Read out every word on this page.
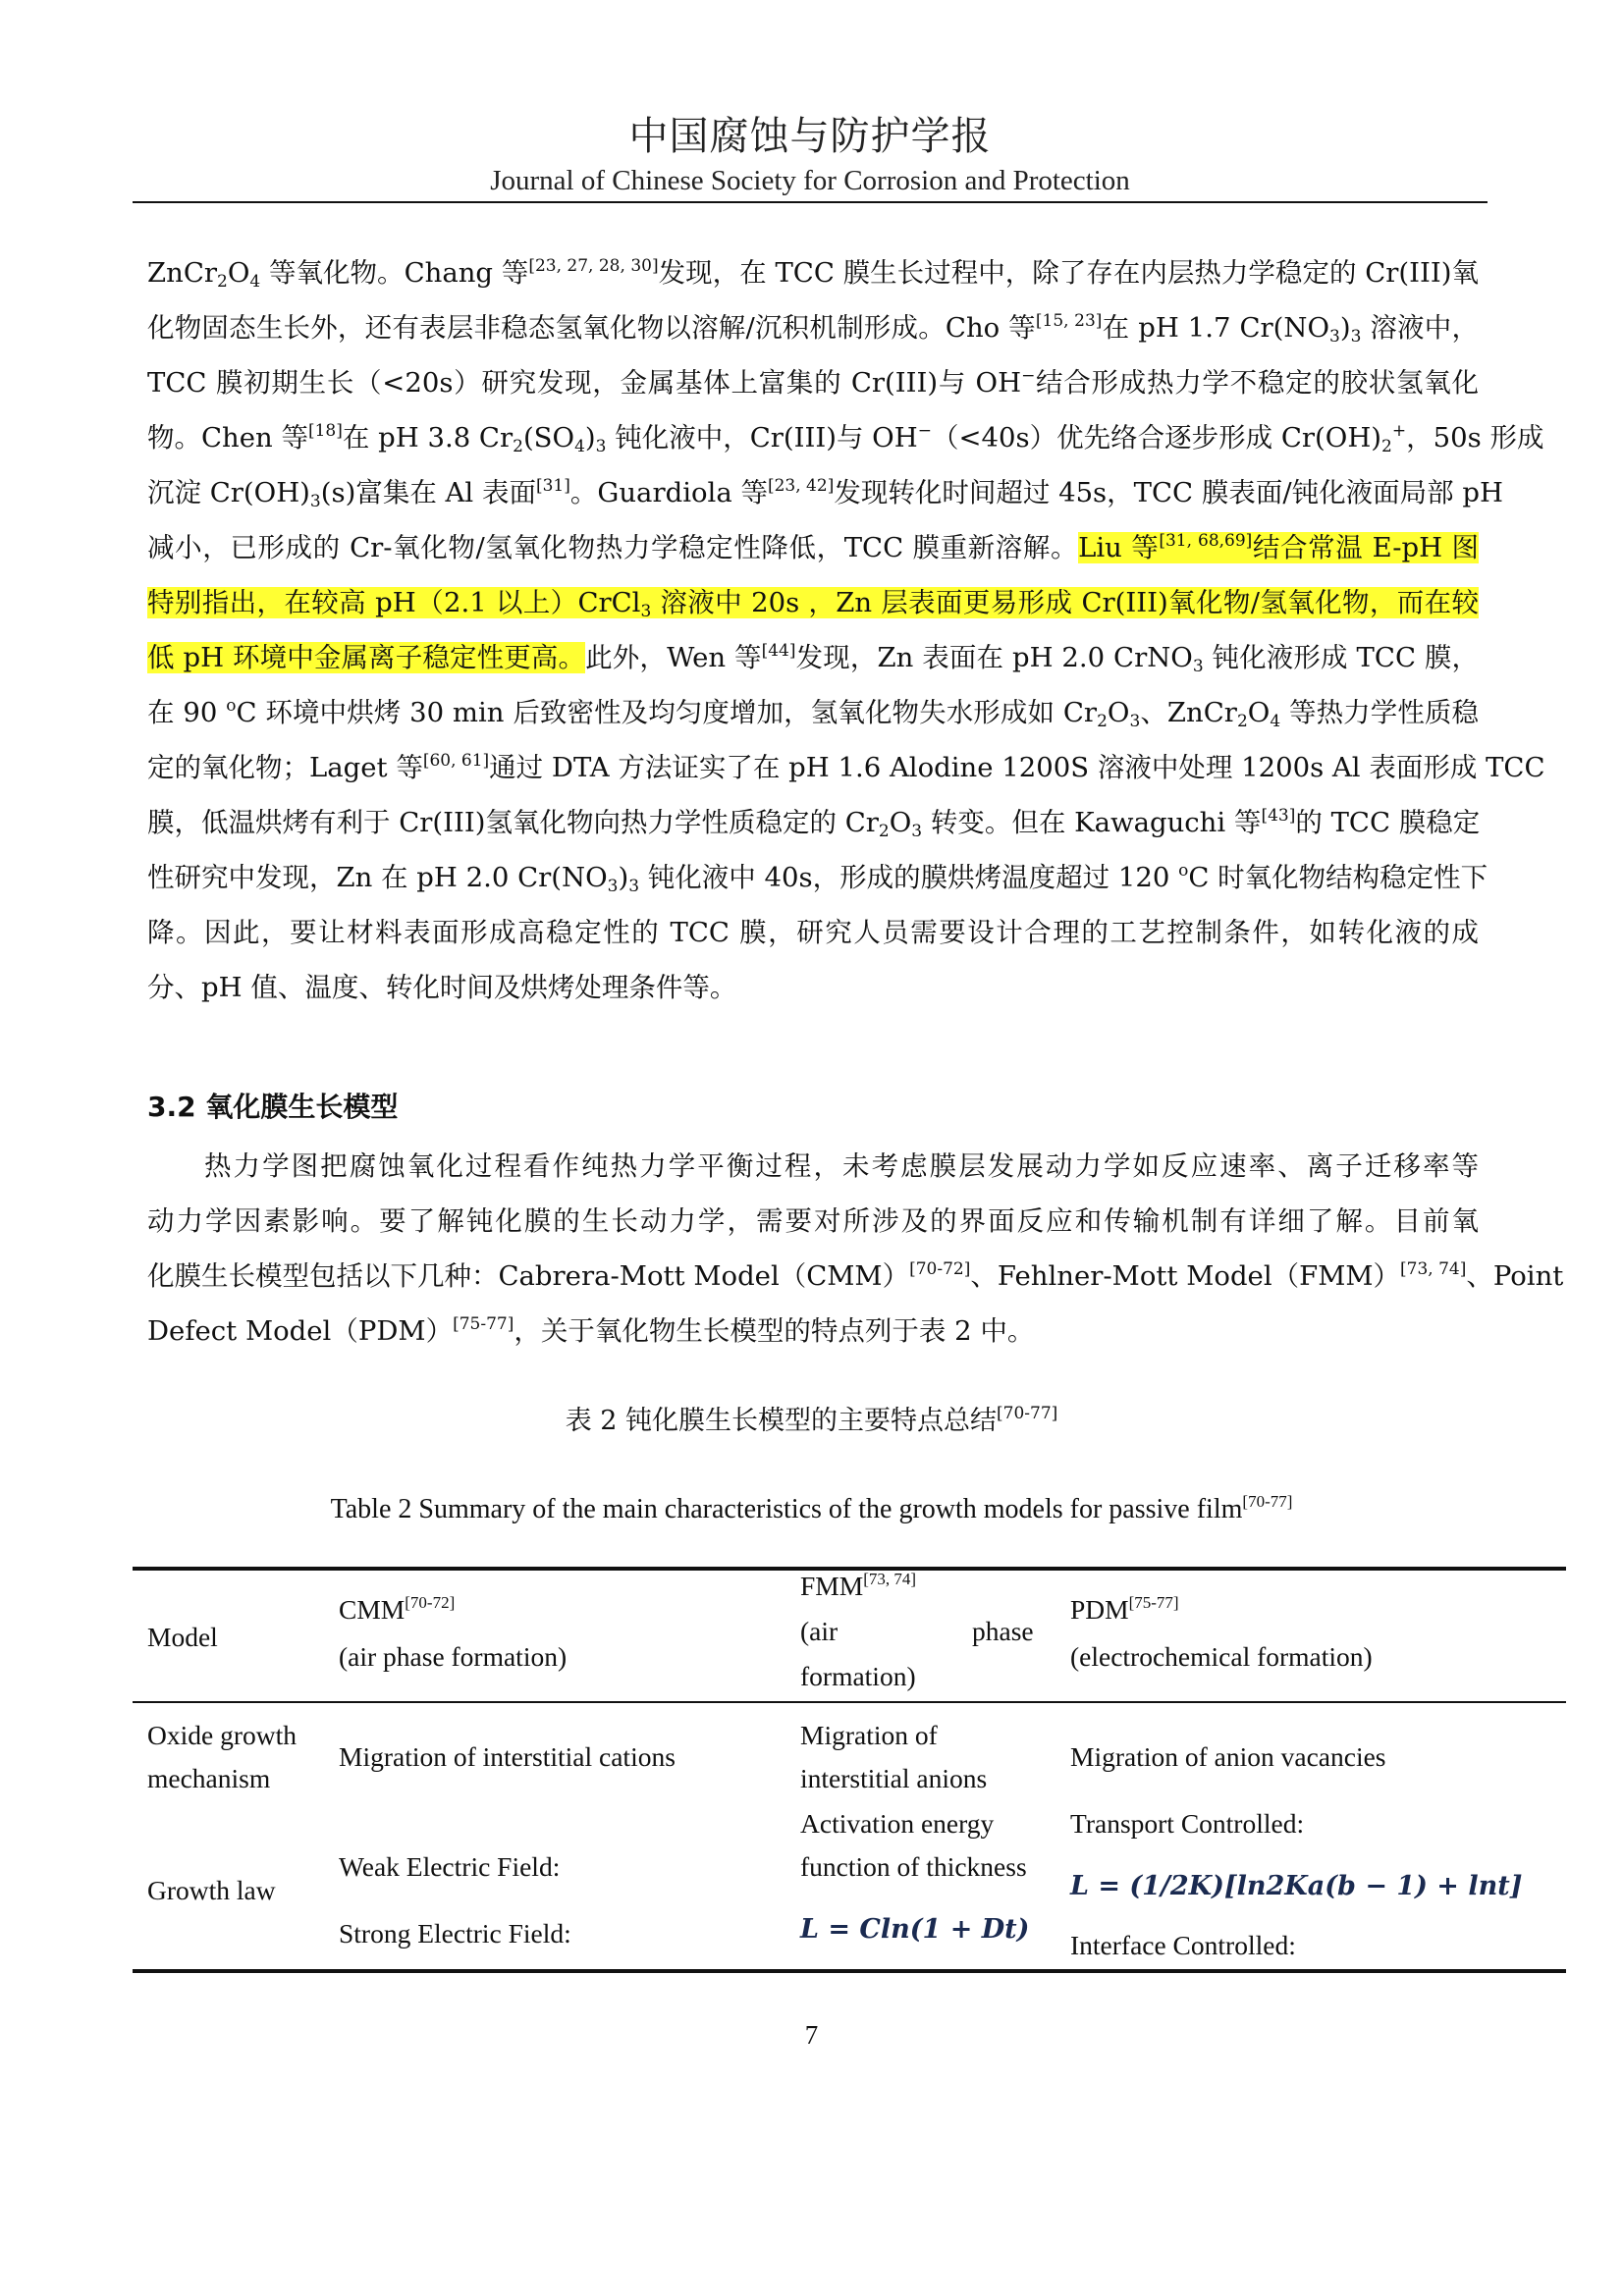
中国腐蚀与防护学报
Journal of Chinese Society for Corrosion and Protection
$ZnCr_2O_4$ 等氧化物。Chang 等[23, 27, 28, 30]发现，在 TCC 膜生长过程中，除了存在内层热力学稳定的 Cr(III)氧
化物固态生长外，还有表层非稳态氢氧化物以溶解/沉积机制形成。Cho 等[15, 23]在 pH 1.7 $Cr(NO_3)_3$ 溶液中，
TCC 膜初期生长（<20s）研究发现，金属基体上富集的 Cr(III)与 OH−结合形成热力学不稳定的胶状氢氧化
物。Chen 等[18]在 pH 3.8 $Cr_2(SO_4)_3$ 钝化液中，Cr(III)与 OH−（<40s）优先络合逐步形成 $Cr(OH)_2^+$，50s 形成
沉淀 $Cr(OH)_3(s)$富集在 Al 表面[31]。Guardiola 等[23, 42]发现转化时间超过 45s，TCC 膜表面/钝化液面局部 pH
减小，已形成的 Cr-氧化物/氢氧化物热力学稳定性降低，TCC 膜重新溶解。Liu 等[31, 68,69]结合常温 E-pH 图
特别指出，在较高 pH（2.1 以上）CrCl$_3$ 溶液中 20s ，Zn 层表面更易形成 Cr(III)氧化物/氢氧化物，而在较
低 pH 环境中金属离子稳定性更高。此外，Wen 等[44]发现，Zn 表面在 pH 2.0 CrNO$_3$ 钝化液形成 TCC 膜，
在 90 $^o$C 环境中烘烤 30 min 后致密性及均匀度增加，氢氧化物失水形成如 $Cr_2O_3$、$ZnCr_2O_4$ 等热力学性质稳
定的氧化物；Laget 等[60, 61]通过 DTA 方法证实了在 pH 1.6 Alodine 1200S 溶液中处理 1200s Al 表面形成 TCC
膜，低温烘烤有利于 Cr(III)氢氧化物向热力学性质稳定的 $Cr_2O_3$ 转变。但在 Kawaguchi 等[43]的 TCC 膜稳定
性研究中发现，Zn 在 pH 2.0 $Cr(NO_3)_3$ 钝化液中 40s，形成的膜烘烤温度超过 120 $^o$C 时氧化物结构稳定性下
降。因此，要让材料表面形成高稳定性的 TCC 膜，研究人员需要设计合理的工艺控制条件，如转化液的成
分、pH 值、温度、转化时间及烘烤处理条件等。
3.2 氧化膜生长模型
热力学图把腐蚀氧化过程看作纯热力学平衡过程，未考虑膜层发展动力学如反应速率、离子迁移率等
动力学因素影响。要了解钝化膜的生长动力学，需要对所涉及的界面反应和传输机制有详细了解。目前氧
化膜生长模型包括以下几种：Cabrera-Mott Model（CMM）[70-72]、Fehlner-Mott Model（FMM）[73, 74]、Point
Defect Model（PDM）[75-77]，关于氧化物生长模型的特点列于表 2 中。
表 2 钝化膜生长模型的主要特点总结[70-77]
Table 2 Summary of the main characteristics of the growth models for passive film[70-77]
Model
CMM[70-72]
(air phase formation)
FMM[73, 74]
(air	phase
formation)
PDM[75-77]
(electrochemical formation)
Oxide growth
mechanism
Migration of interstitial cations
Migration of
interstitial anions
Migration of anion vacancies
Growth law
Weak Electric Field:
Strong Electric Field:
Activation energy
function of thickness
L = Cln(1 + Dt)
Transport Controlled:
L = (1/2K)[ln2Ka(b − 1) + lnt]
Interface Controlled:
7
